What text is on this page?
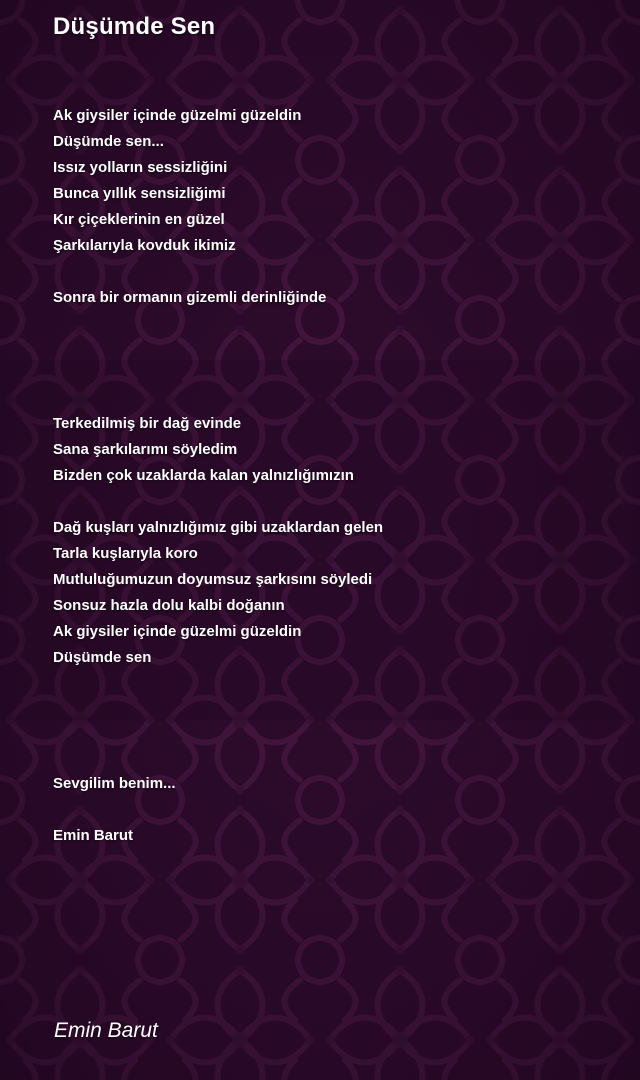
Düşümde Sen
Ak giysiler içinde güzelmi güzeldin
Düşümde sen...
Issız yolların sessizliğini
Bunca yıllık sensizliğimi
Kır çiçeklerinin en güzel
Şarkılarıyla kovduk ikimiz
Sonra bir ormanın gizemli derinliğinde
Terkedilmiş bir dağ evinde
Sana şarkılarımı söyledim
Bizden çok uzaklarda kalan yalnızlığımızın
Dağ kuşları yalnızlığımız gibi uzaklardan gelen
Tarla kuşlarıyla koro
Mutluluğumuzun doyumsuz şarkısını söyledi
Sonsuz hazla dolu kalbi doğanın
Ak giysiler içinde güzelmi güzeldin
Düşümde sen
Sevgilim benim...
Emin Barut
Emin Barut
